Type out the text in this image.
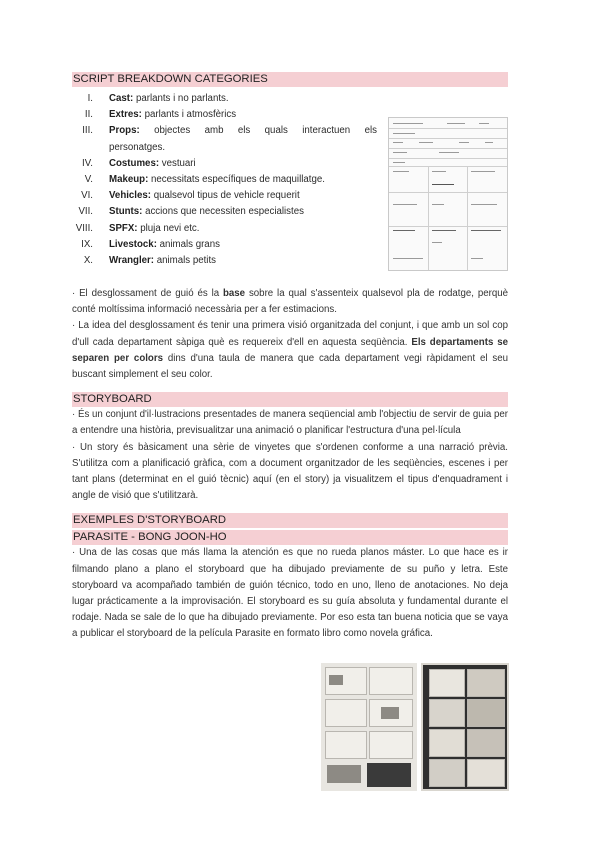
SCRIPT BREAKDOWN CATEGORIES
I. Cast: parlants i no parlants.
II. Extres: parlants i atmosfèrics
III. Props: objectes amb els quals interactuen els
personatges.
IV. Costumes: vestuari
V. Makeup: necessitats específiques de maquillatge.
VI. Vehicles: qualsevol tipus de vehicle requerit
VII. Stunts: accions que necessiten especialistes
VIII. SPFX: pluja nevi etc.
IX. Livestock: animals grans
X. Wrangler: animals petits

· El desglossament de guió és la base sobre la qual s'assenteix qualsevol pla de rodatge, perquè conté moltíssima informació necessària per a fer estimacions.

· La idea del desglossament és tenir una primera visió organitzada del conjunt, i que amb un sol cop d'ull cada departament sàpiga què es requereix d'ell en aquesta seqüència. Els departaments se separen per colors dins d'una taula de manera que cada departament vegi ràpidament el seu buscant simplement el seu color.

STORYBOARD

· És un conjunt d'il·lustracions presentades de manera seqüencial amb l'objectiu de servir de guia per a entendre una història, previsualitzar una animació o planificar l'estructura d'una pel·lícula

· Un story és bàsicament una sèrie de vinyetes que s'ordenen conforme a una narració prèvia. S'utilitza com a planificació gràfica, com a document organitzador de les seqüències, escenes i per tant plans (determinat en el guió tècnic) aquí (en el story) ja visualitzem el tipus d'enquadrament i angle de visió que s'utilitzarà.

EXEMPLES D'STORYBOARD
PARASITE - BONG JOON-HO

· Una de las cosas que más llama la atención es que no rueda planos máster. Lo que hace es ir filmando plano a plano el storyboard que ha dibujado previamente de su puño y letra. Este storyboard va acompañado también de guión técnico, todo en uno, lleno de anotaciones. No deja lugar prácticamente a la improvisación. El storyboard es su guía absoluta y fundamental durante el rodaje. Nada se sale de lo que ha dibujado previamente. Por eso esta tan buena noticia que se vaya a publicar el storyboard de la película Parasite en formato libro como novela gráfica.
